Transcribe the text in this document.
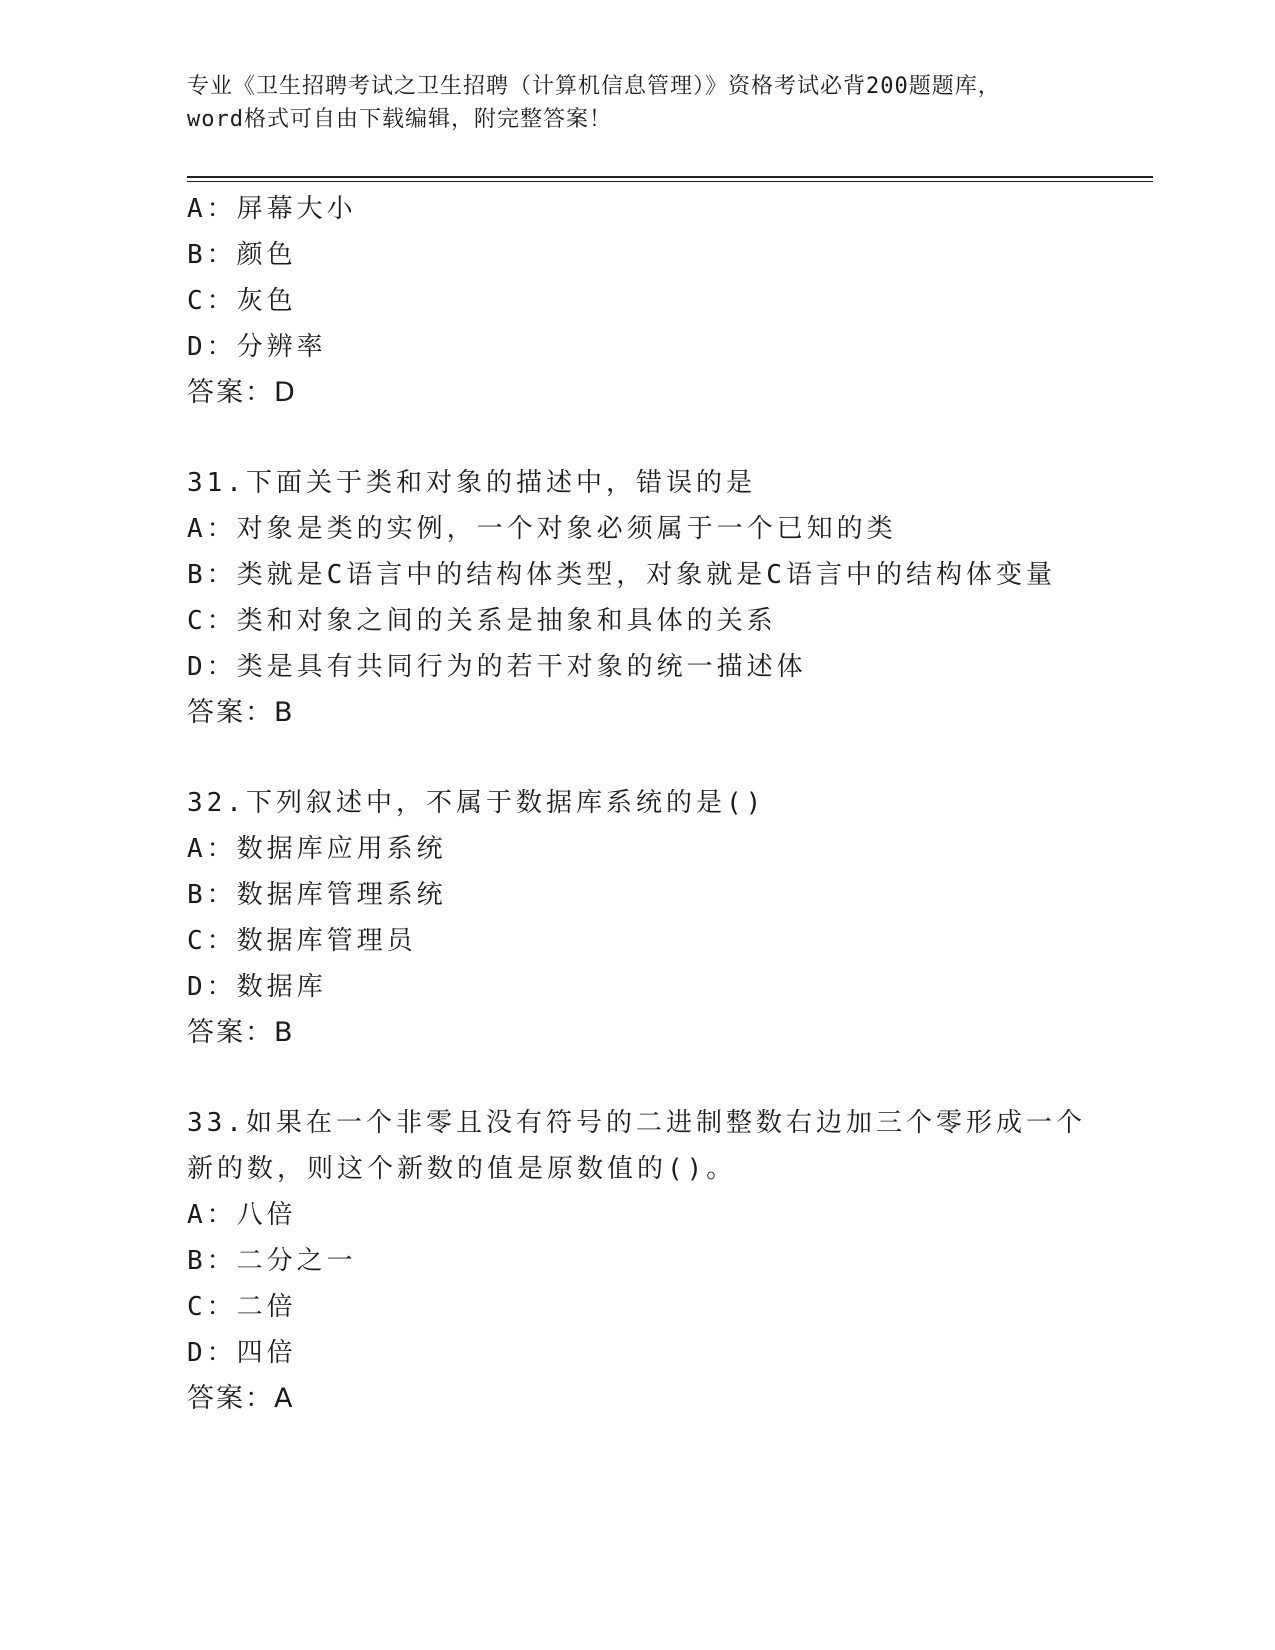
专业《卫生招聘考试之卫生招聘（计算机信息管理）》资格考试必背200题题库，
word格式可自由下载编辑，附完整答案！
A：屏幕大小
B：颜色
C：灰色
D：分辨率
答案：D
31.下面关于类和对象的描述中，错误的是
A：对象是类的实例，一个对象必须属于一个已知的类
B：类就是C语言中的结构体类型，对象就是C语言中的结构体变量
C：类和对象之间的关系是抽象和具体的关系
D：类是具有共同行为的若干对象的统一描述体
答案：B
32.下列叙述中，不属于数据库系统的是()
A：数据库应用系统
B：数据库管理系统
C：数据库管理员
D：数据库
答案：B
33.如果在一个非零且没有符号的二进制整数右边加三个零形成一个新的数，则这个新数的值是原数值的()。
A：八倍
B：二分之一
C：二倍
D：四倍
答案：A
